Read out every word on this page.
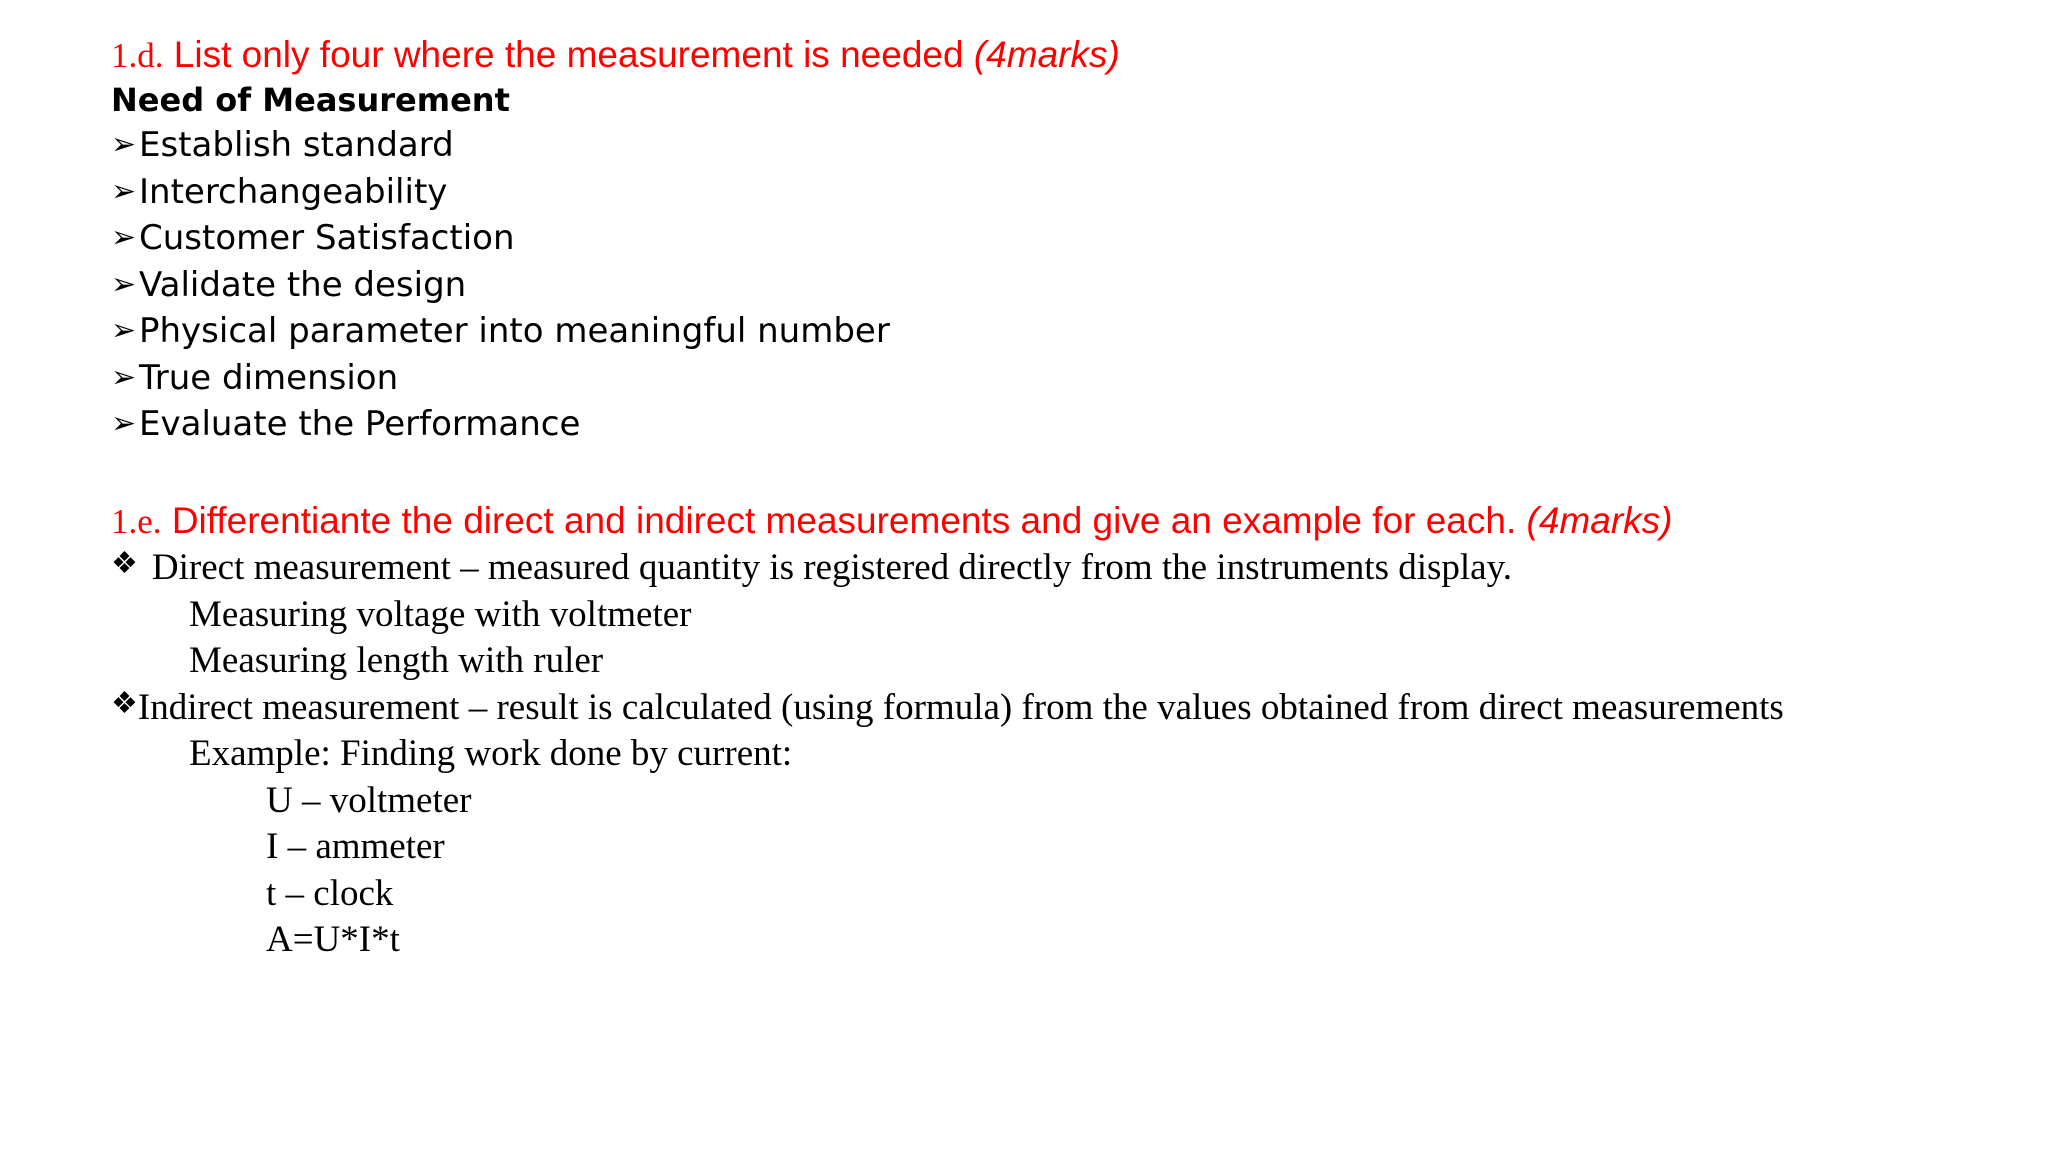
1.d. List only four where the measurement is needed (4marks)
Need of Measurement
➢Establish standard
➢Interchangeability
➢Customer Satisfaction
➢Validate the design
➢Physical parameter into meaningful number
➢True dimension
➢Evaluate the Performance
1.e. Differentiante the direct and indirect measurements and give an example for each. (4marks)
❖ Direct measurement – measured quantity is registered directly from the instruments display.
Measuring voltage with voltmeter
Measuring length with ruler
❖Indirect measurement – result is calculated (using formula) from the values obtained from direct measurements
Example: Finding work done by current:
U – voltmeter
I – ammeter
t – clock
A=U*I*t
